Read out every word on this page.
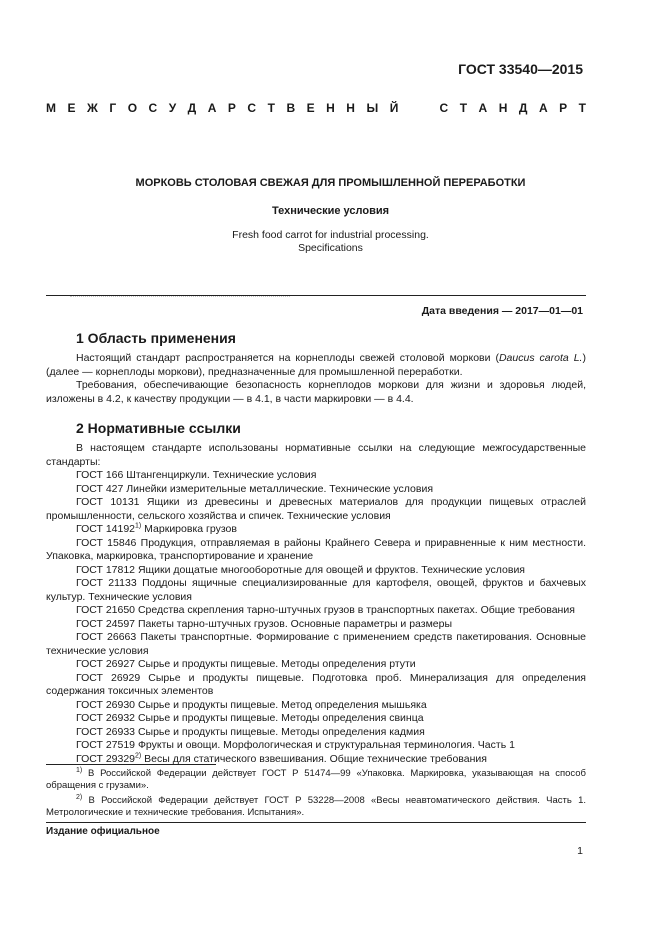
ГОСТ 33540—2015
М Е Ж Г О С У Д А Р С Т В Е Н Н Ы Й

	С Т А Н Д А Р Т
МОРКОВЬ СТОЛОВАЯ СВЕЖАЯ ДЛЯ ПРОМЫШЛЕННОЙ ПЕРЕРАБОТКИ
Технические условия
Fresh food carrot for industrial processing.
Specifications
Дата введения — 2017—01—01
1 Область применения

Настоящий стандарт распространяется на корнеплоды свежей столовой моркови (Daucus carota L.) (далее — корнеплоды моркови), предназначенные для промышленной переработки.

Требования, обеспечивающие безопасность корнеплодов моркови для жизни и здоровья людей, изложены в 4.2, к качеству продукции — в 4.1, в части маркировки — в 4.4.

2 Нормативные ссылки

В настоящем стандарте использованы нормативные ссылки на следующие межгосударственные стандарты:

ГОСТ 166 Штангенциркули. Технические условия

ГОСТ 427 Линейки измерительные металлические. Технические условия

ГОСТ 10131 Ящики из древесины и древесных материалов для продукции пищевых отраслей промышленности, сельского хозяйства и спичек. Технические условия

ГОСТ 14192$^{1)}$ Маркировка грузов

ГОСТ 15846 Продукция, отправляемая в районы Крайнего Севера и приравненные к ним местности. Упаковка, маркировка, транспортирование и хранение

ГОСТ 17812 Ящики дощатые многооборотные для овощей и фруктов. Технические условия

ГОСТ 21133 Поддоны ящичные специализированные для картофеля, овощей, фруктов и бахчевых культур. Технические условия

ГОСТ 21650 Средства скрепления тарно-штучных грузов в транспортных пакетах. Общие требования

ГОСТ 24597 Пакеты тарно-штучных грузов. Основные параметры и размеры

ГОСТ 26663 Пакеты транспортные. Формирование с применением средств пакетирования. Основные технические условия

ГОСТ 26927 Сырье и продукты пищевые. Методы определения ртути

ГОСТ 26929 Сырье и продукты пищевые. Подготовка проб. Минерализация для определения содержания токсичных элементов

ГОСТ 26930 Сырье и продукты пищевые. Метод определения мышьяка

ГОСТ 26932 Сырье и продукты пищевые. Методы определения свинца

ГОСТ 26933 Сырье и продукты пищевые. Методы определения кадмия

ГОСТ 27519 Фрукты и овощи. Морфологическая и структуральная терминология. Часть 1

ГОСТ 29329$^{2)}$ Весы для статического взвешивания. Общие технические требования

$^{1)}$ В Российской Федерации действует ГОСТ Р 51474—99 «Упаковка. Маркировка, указывающая на способ обращения с грузами».

$^{2)}$ В Российской Федерации действует ГОСТ Р 53228—2008 «Весы неавтоматического действия. Часть 1. Метрологические и технические требования. Испытания».

Издание официальное
1
